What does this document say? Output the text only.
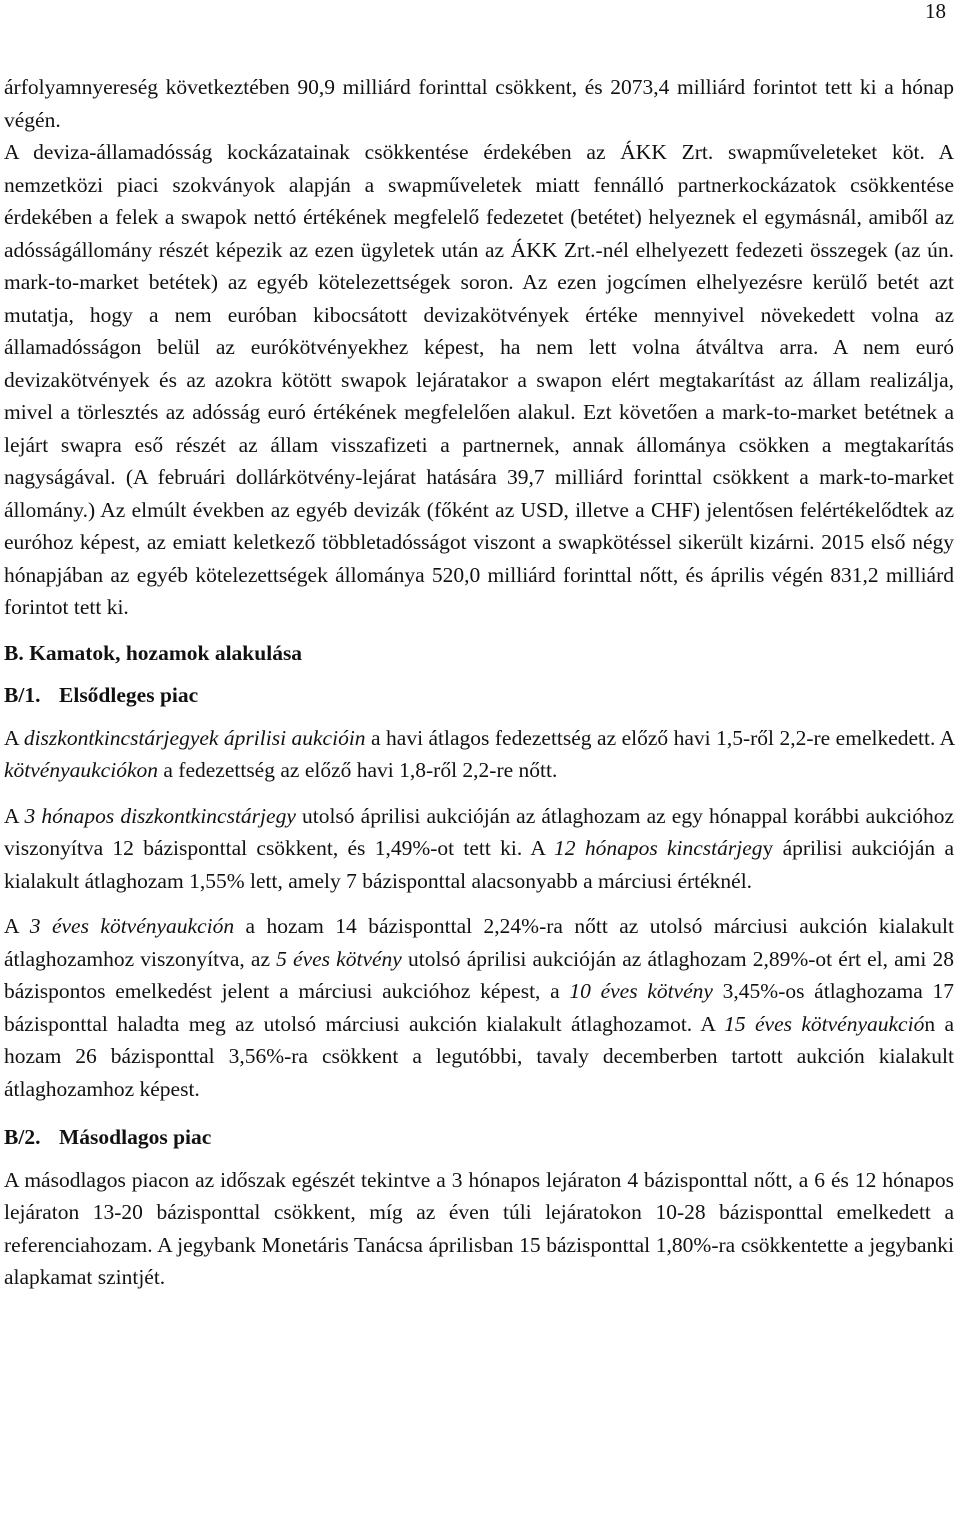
18

árfolyamnyereség következtében 90,9 milliárd forinttal csökkent, és 2073,4 milliárd forintot tett ki a hónap végén.

A deviza-államadósság kockázatainak csökkentése érdekében az ÁKK Zrt. swapműveleteket köt. A nemzetközi piaci szokványok alapján a swapműveletek miatt fennálló partnerkockázatok csökkentése érdekében a felek a swapok nettó értékének megfelelő fedezetet (betétet) helyeznek el egymásnál, amiből az adósságállomány részét képezik az ezen ügyletek után az ÁKK Zrt.-nél elhelyezett fedezeti összegek (az ún. mark-to-market betétek) az egyéb kötelezettségek soron. Az ezen jogcímen elhelyezésre kerülő betét azt mutatja, hogy a nem euróban kibocsátott devizakötvények értéke mennyivel növekedett volna az államadósságon belül az eurókötvényekhez képest, ha nem lett volna átváltva arra. A nem euró devizakötvények és az azokra kötött swapok lejáratakor a swapon elért megtakarítást az állam realizálja, mivel a törlesztés az adósság euró értékének megfelelően alakul. Ezt követően a mark-to-market betétnek a lejárt swapra eső részét az állam visszafizeti a partnernek, annak állománya csökken a megtakarítás nagyságával. (A februári dollárkötvény-lejárat hatására 39,7 milliárd forinttal csökkent a mark-to-market állomány.) Az elmúlt években az egyéb devizák (főként az USD, illetve a CHF) jelentősen felértékelődtek az euróhoz képest, az emiatt keletkező többletadósságot viszont a swapkötéssel sikerült kizárni. 2015 első négy hónapjában az egyéb kötelezettségek állománya 520,0 milliárd forinttal nőtt, és április végén 831,2 milliárd forintot tett ki.

B. Kamatok, hozamok alakulása
B/1. Elsődleges piac

A diszkontkincstárjegyek áprilisi aukcióin a havi átlagos fedezettség az előző havi 1,5-ről 2,2-re emelkedett. A kötvényaukciókon a fedezettség az előző havi 1,8-ről 2,2-re nőtt.

A 3 hónapos diszkontkincstárjegy utolsó áprilisi aukcióján az átlaghozam az egy hónappal korábbi aukcióhoz viszonyítva 12 bázisponttal csökkent, és 1,49%-ot tett ki. A 12 hónapos kincstárjegy áprilisi aukcióján a kialakult átlaghozam 1,55% lett, amely 7 bázisponttal alacsonyabb a márciusi értéknél.

A 3 éves kötvényaukción a hozam 14 bázisponttal 2,24%-ra nőtt az utolsó márciusi aukción kialakult átlaghozamhoz viszonyítva, az 5 éves kötvény utolsó áprilisi aukcióján az átlaghozam 2,89%-ot ért el, ami 28 bázispontos emelkedést jelent a márciusi aukcióhoz képest, a 10 éves kötvény 3,45%-os átlaghozama 17 bázisponttal haladta meg az utolsó márciusi aukción kialakult átlaghozamot. A 15 éves kötvényaukción a hozam 26 bázisponttal 3,56%-ra csökkent a legutóbbi, tavaly decemberben tartott aukción kialakult átlaghozamhoz képest.

B/2. Másodlagos piac

A másodlagos piacon az időszak egészét tekintve a 3 hónapos lejáraton 4 bázisponttal nőtt, a 6 és 12 hónapos lejáraton 13-20 bázisponttal csökkent, míg az éven túli lejáratokon 10-28 bázisponttal emelkedett a referenciahozam. A jegybank Monetáris Tanácsa áprilisban 15 bázisponttal 1,80%-ra csökkentette a jegybanki alapkamat szintjét.
